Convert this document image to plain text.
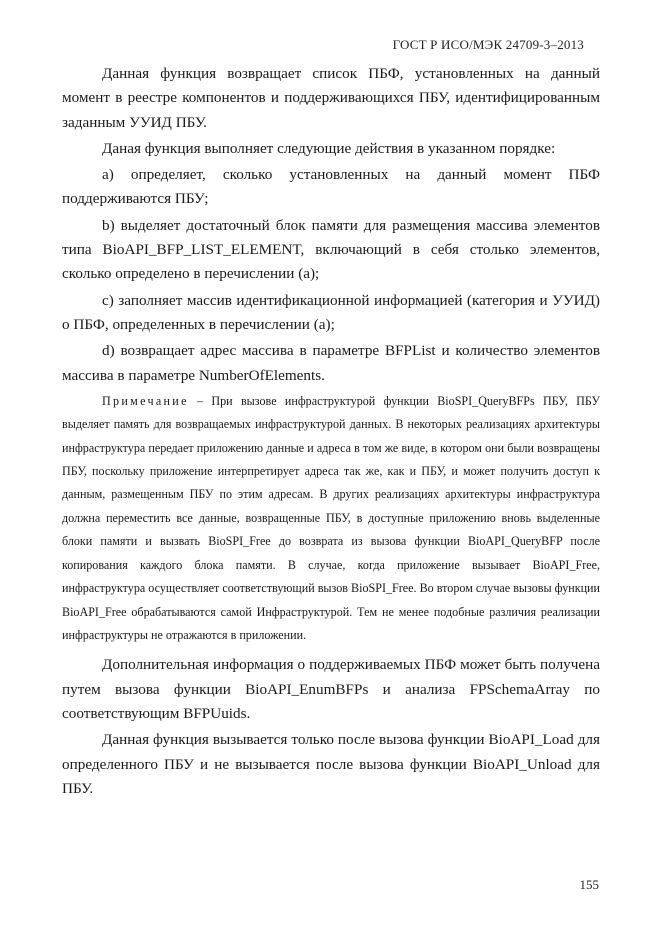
ГОСТ Р ИСО/МЭК 24709-3–2013

Данная функция возвращает список ПБФ, установленных на данный момент в реестре компонентов и поддерживающихся ПБУ, идентифицированным заданным УУИД ПБУ.

Даная функция выполняет следующие действия в указанном порядке:

a) определяет, сколько установленных на данный момент ПБФ поддерживаются ПБУ;

b) выделяет достаточный блок памяти для размещения массива элементов типа BioAPI_BFP_LIST_ELEMENT, включающий в себя столько элементов, сколько определено в перечислении (a);

c) заполняет массив идентификационной информацией (категория и УУИД) о ПБФ, определенных в перечислении (a);

d) возвращает адрес массива в параметре BFPList и количество элементов массива в параметре NumberOfElements.

Примечание – При вызове инфраструктурой функции BioSPI_QueryBFPs ПБУ, ПБУ выделяет память для возвращаемых инфраструктурой данных. В некоторых реализациях архитектуры инфраструктура передает приложению данные и адреса в том же виде, в котором они были возвращены ПБУ, поскольку приложение интерпретирует адреса так же, как и ПБУ, и может получить доступ к данным, размещенным ПБУ по этим адресам. В других реализациях архитектуры инфраструктура должна переместить все данные, возвращенные ПБУ, в доступные приложению вновь выделенные блоки памяти и вызвать BioSPI_Free до возврата из вызова функции BioAPI_QueryBFP после копирования каждого блока памяти. В случае, когда приложение вызывает BioAPI_Free, инфраструктура осуществляет соответствующий вызов BioSPI_Free. Во втором случае вызовы функции BioAPI_Free обрабатываются самой Инфраструктурой. Тем не менее подобные различия реализации инфраструктуры не отражаются в приложении.

Дополнительная информация о поддерживаемых ПБФ может быть получена путем вызова функции BioAPI_EnumBFPs и анализа FPSchemaArray по соответствующим BFPUuids.

Данная функция вызывается только после вызова функции BioAPI_Load для определенного ПБУ и не вызывается после вызова функции BioAPI_Unload для ПБУ.

155
